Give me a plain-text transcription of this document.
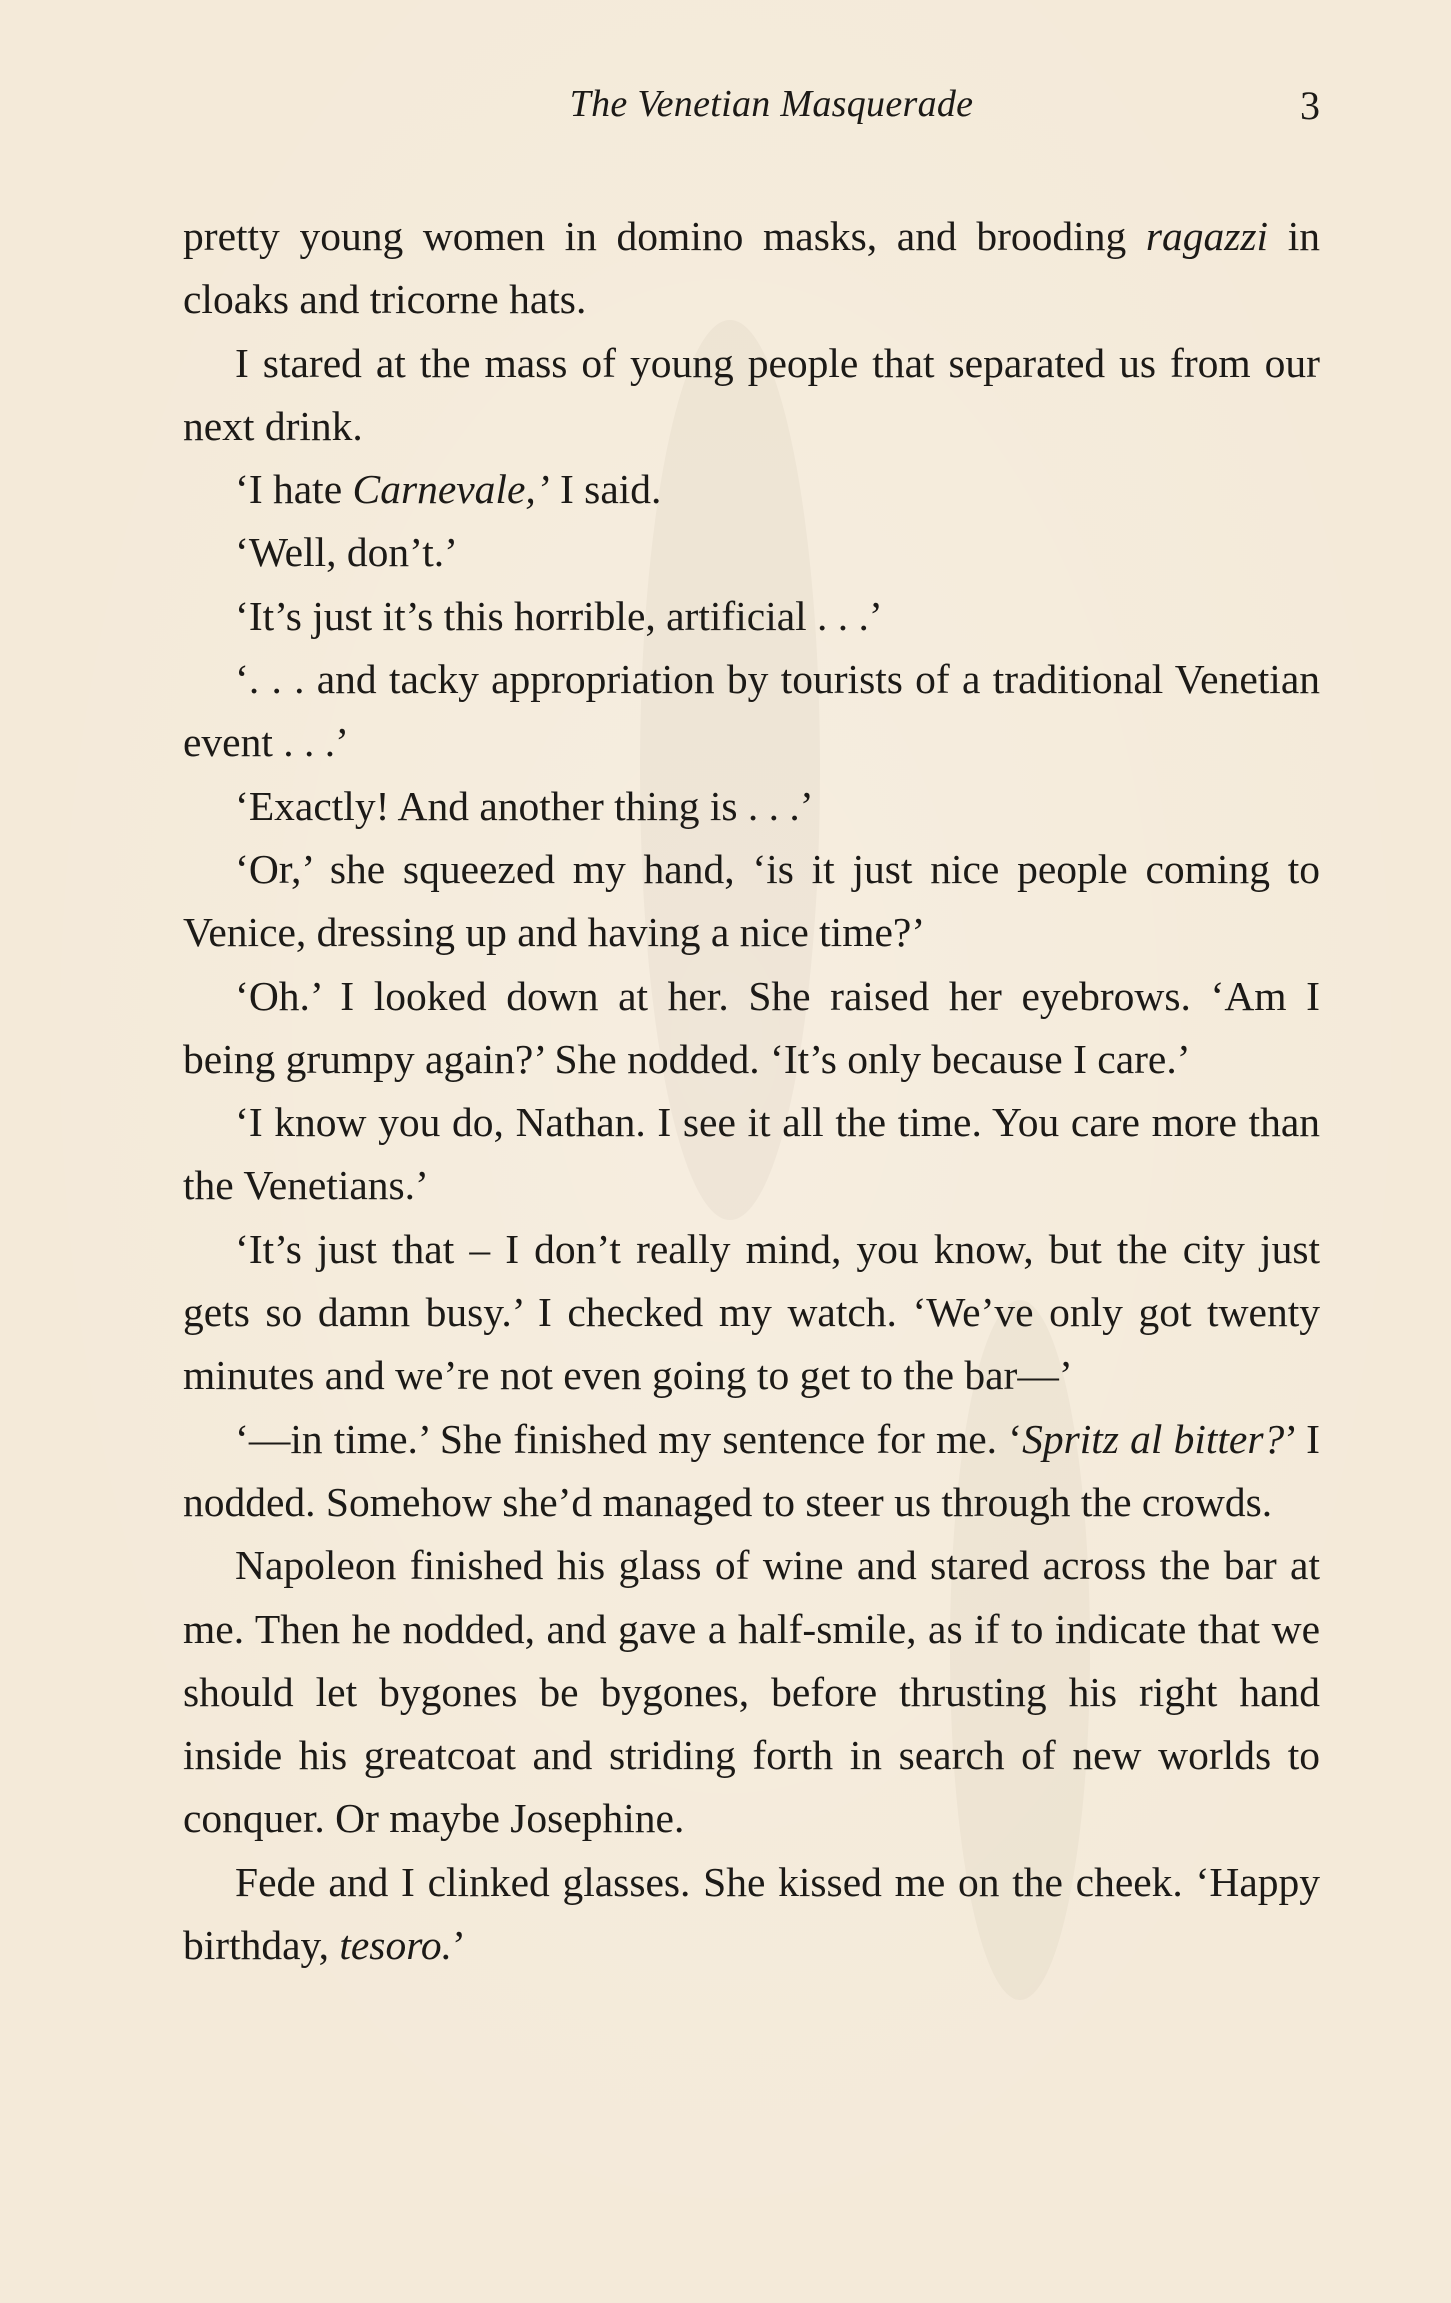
The Venetian Masquerade	3

pretty young women in domino masks, and brooding ragazzi in cloaks and tricorne hats.

I stared at the mass of young people that separated us from our next drink.

‘I hate Carnevale,’ I said.

‘Well, don’t.’

‘It’s just it’s this horrible, artificial . . .’

‘. . . and tacky appropriation by tourists of a traditional Venetian event . . .’

‘Exactly! And another thing is . . .’

‘Or,’ she squeezed my hand, ‘is it just nice people coming to Venice, dressing up and having a nice time?’

‘Oh.’ I looked down at her. She raised her eyebrows. ‘Am I being grumpy again?’ She nodded. ‘It’s only because I care.’

‘I know you do, Nathan. I see it all the time. You care more than the Venetians.’

‘It’s just that – I don’t really mind, you know, but the city just gets so damn busy.’ I checked my watch. ‘We’ve only got twenty minutes and we’re not even going to get to the bar—’

‘—in time.’ She finished my sentence for me. ‘Spritz al bitter?’ I nodded. Somehow she’d managed to steer us through the crowds.

Napoleon finished his glass of wine and stared across the bar at me. Then he nodded, and gave a half-smile, as if to indicate that we should let bygones be bygones, before thrusting his right hand inside his greatcoat and striding forth in search of new worlds to conquer. Or maybe Josephine.

Fede and I clinked glasses. She kissed me on the cheek. ‘Happy birthday, tesoro.’
